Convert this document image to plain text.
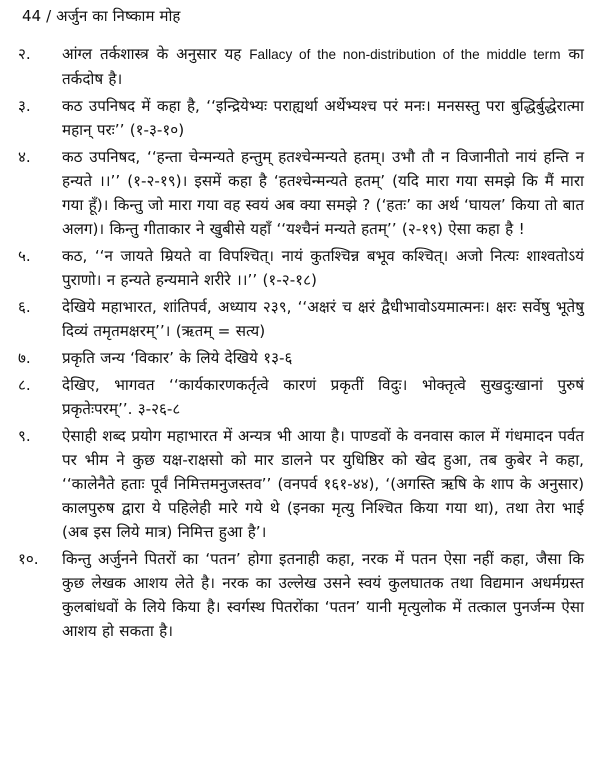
44 / अर्जुन का निष्काम मोह
२.	आंग्ल तर्कशास्त्र के अनुसार यह Fallacy of the non-distribution of the middle term का तर्कदोष है।
३.	कठ उपनिषद में कहा है, ‘‘इन्द्रियेभ्यः पराह्यर्था अर्थेभ्यश्च परं मनः। मनसस्तु परा बुद्धिर्बुद्धेरात्मा महान् परः’’ (१-३-१०)
४.	कठ उपनिषद, ‘‘हन्ता चेन्मन्यते हन्तुम् हतश्चेन्मन्यते हतम्। उभौ तौ न विजानीतो नायं हन्ति न हन्यते ।।’’ (१-२-१९)। इसमें कहा है ‘हतश्चेन्मन्यते हतम्’ (यदि मारा गया समझे कि मैं मारा गया हूँ)। किन्तु जो मारा गया वह स्वयं अब क्या समझे ? (‘हतः’ का अर्थ ‘घायल’ किया तो बात अलग)। किन्तु गीताकार ने खुबीसे यहाँ ‘‘यश्चैनं मन्यते हतम्’’ (२-१९) ऐसा कहा है !
५.	कठ, ‘‘न जायते म्रियते वा विपश्चित्। नायं कुतश्चिन्न बभूव कश्चित्। अजो नित्यः शाश्वतोऽयं पुराणो। न हन्यते हन्यमाने शरीरे ।।’’ (१-२-१८)
६.	देखिये महाभारत, शांतिपर्व, अध्याय २३९, ‘‘अक्षरं च क्षरं द्वैधीभावोऽयमात्मनः। क्षरः सर्वेषु भूतेषु दिव्यं तमृतमक्षरम्’’। (ऋतम् = सत्य)
७.	प्रकृति जन्य ‘विकार’ के लिये देखिये १३-६
८.	देखिए, भागवत ‘‘कार्यकारणकर्तृत्वे कारणं प्रकृतीं विदुः। भोक्तृत्वे सुखदुःखानां पुरुषं प्रकृतेःपरम्’’. ३-२६-८
९.	ऐसाही शब्द प्रयोग महाभारत में अन्यत्र भी आया है। पाण्डवों के वनवास काल में गंधमादन पर्वत पर भीम ने कुछ यक्ष-राक्षसो को मार डालने पर युधिष्ठिर को खेद हुआ, तब कुबेर ने कहा, ‘‘कालेनैते हताः पूर्वं निमित्तमनुजस्तव’’ (वनपर्व १६१-४४), ‘(अगस्ति ऋषि के शाप के अनुसार) कालपुरुष द्वारा ये पहिलेही मारे गये थे (इनका मृत्यु निश्चित किया गया था), तथा तेरा भाई (अब इस लिये मात्र) निमित्त हुआ है’।
१०.	किन्तु अर्जुनने पितरों का ‘पतन’ होगा इतनाही कहा, नरक में पतन ऐसा नहीं कहा, जैसा कि कुछ लेखक आशय लेते है। नरक का उल्लेख उसने स्वयं कुलघातक तथा विद्यमान अधर्मग्रस्त कुलबांधवों के लिये किया है। स्वर्गस्थ पितरोंका ‘पतन’ यानी मृत्युलोक में तत्काल पुनर्जन्म ऐसा आशय हो सकता है।
